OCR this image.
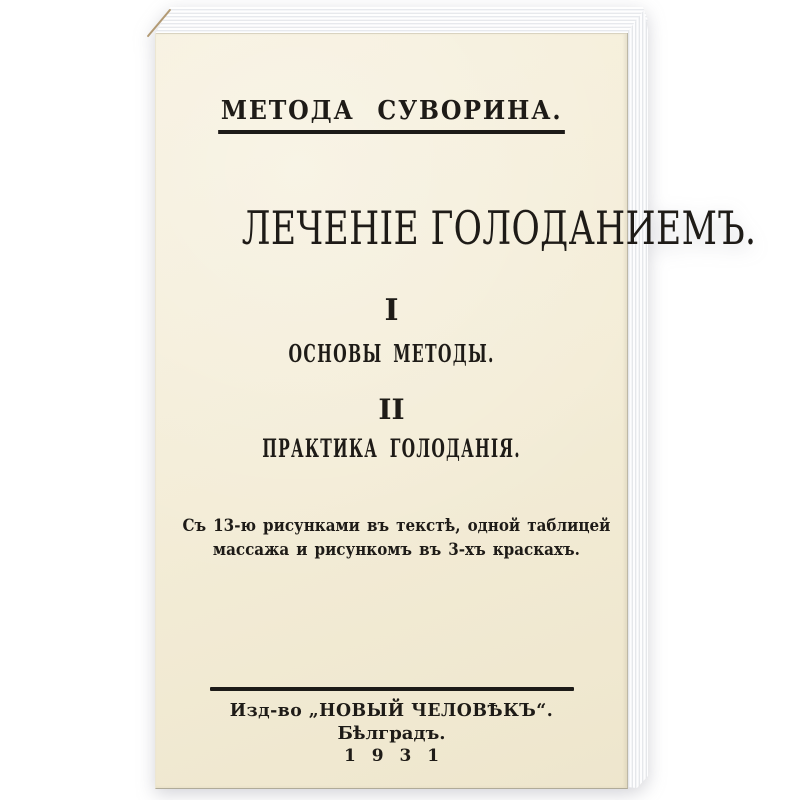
МЕТОДА СУВОРИНА.
ЛЕЧЕНІЕ ГОЛОДАНИЕМЪ.
I
ОСНОВЫ МЕТОДЫ.
II
ПРАКТИКА ГОЛОДАНІЯ.
Съ 13-ю рисунками въ текстѣ, одной таблицей
массажа и рисункомъ въ 3-хъ краскахъ.
Изд-во „НОВЫЙ ЧЕЛОВѢКЪ“.
Бѣлградъ.
1 9 3 1
